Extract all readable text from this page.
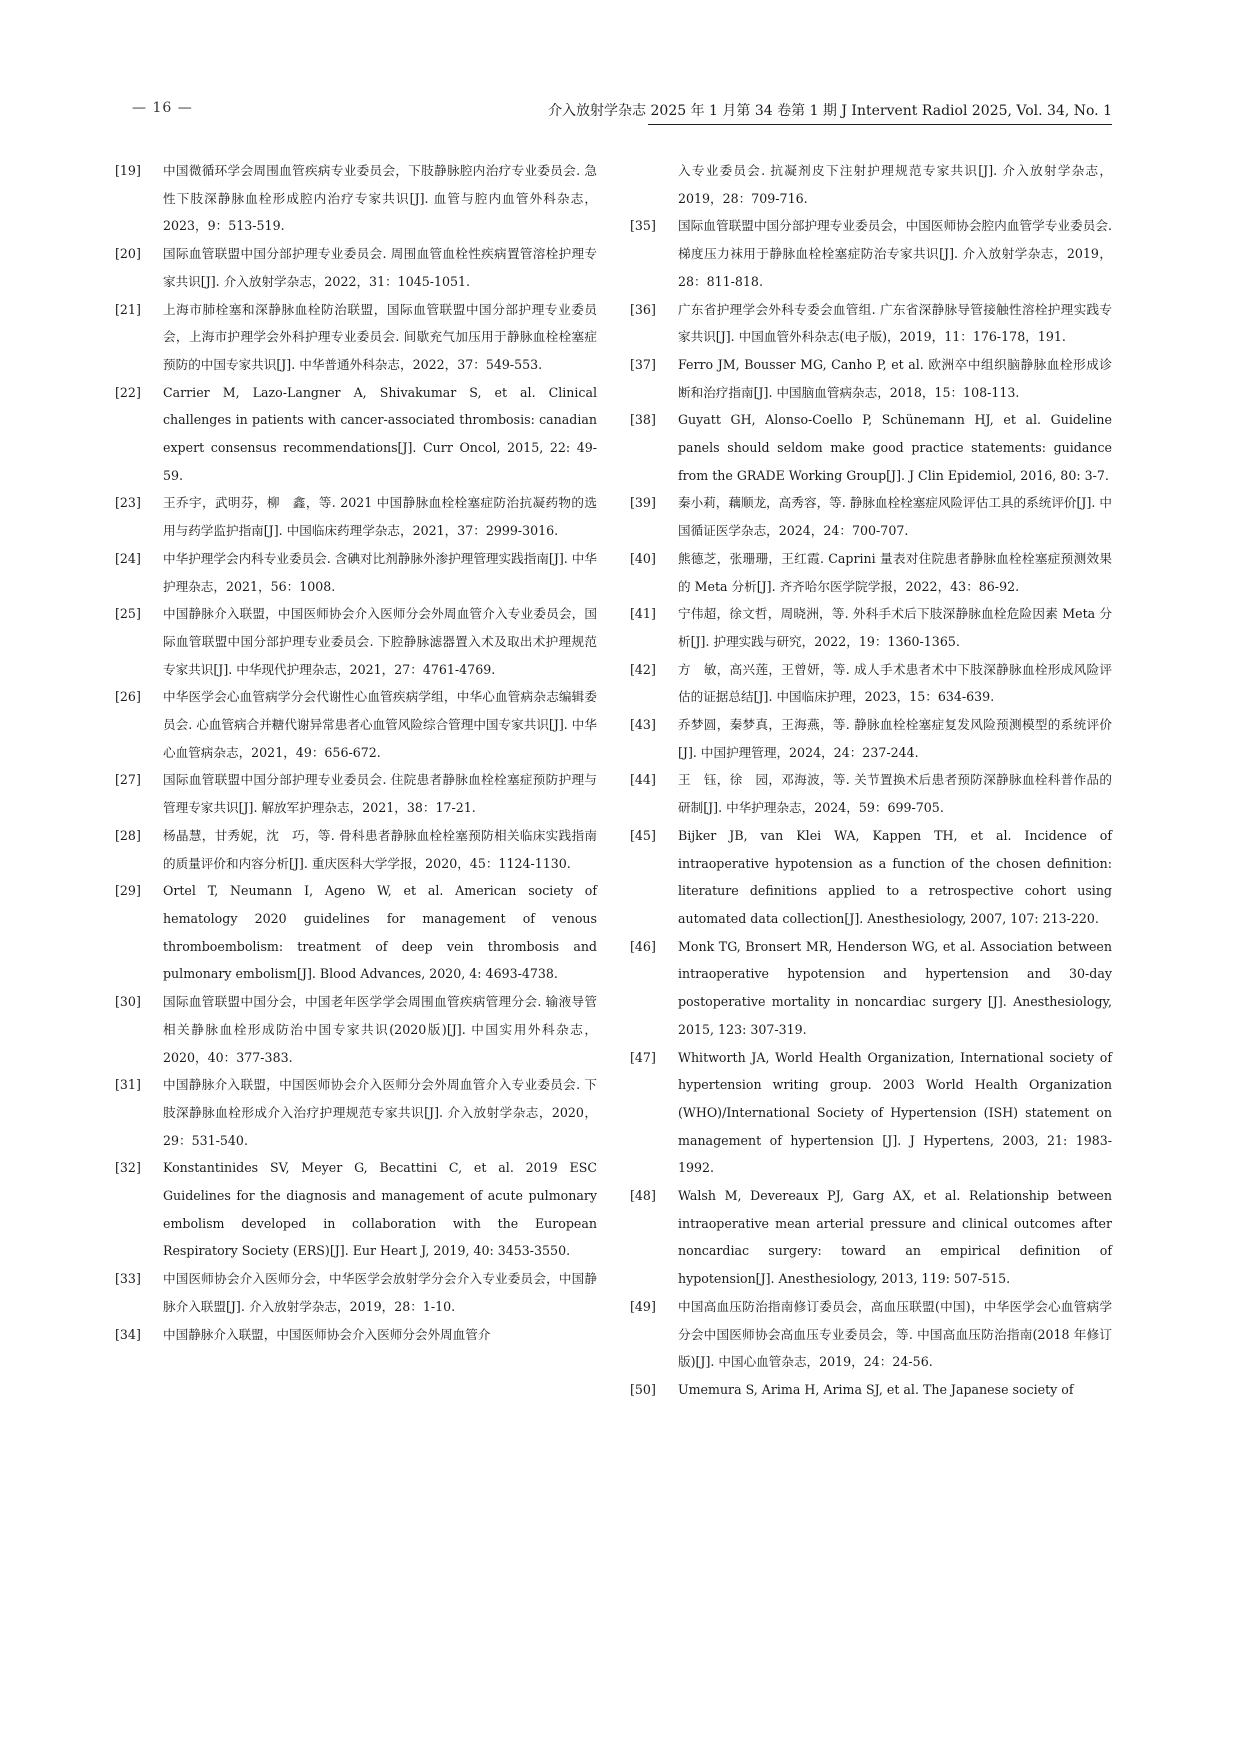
— 16 —	介入放射学杂志 2025 年 1 月第 34 卷第 1 期 J Intervent Radiol 2025, Vol. 34, No. 1

[19] 中国微循环学会周围血管疾病专业委员会，下肢静脉腔内治疗专业委员会. 急性下肢深静脉血栓形成腔内治疗专家共识[J]. 血管与腔内血管外科杂志，2023，9：513-519.

[20] 国际血管联盟中国分部护理专业委员会. 周围血管血栓性疾病置管溶栓护理专家共识[J]. 介入放射学杂志，2022，31：1045-1051.

[21] 上海市肺栓塞和深静脉血栓防治联盟，国际血管联盟中国分部护理专业委员会，上海市护理学会外科护理专业委员会. 间歇充气加压用于静脉血栓栓塞症预防的中国专家共识[J]. 中华普通外科杂志，2022，37：549-553.

[22] Carrier M, Lazo-Langner A, Shivakumar S, et al. Clinical challenges in patients with cancer-associated thrombosis: canadian expert consensus recommendations[J]. Curr Oncol, 2015, 22: 49-59.

[23] 王乔宇，武明芬，柳　鑫，等. 2021 中国静脉血栓栓塞症防治抗凝药物的选用与药学监护指南[J]. 中国临床药理学杂志，2021，37：2999-3016.

[24] 中华护理学会内科专业委员会. 含碘对比剂静脉外渗护理管理实践指南[J]. 中华护理杂志，2021，56：1008.

[25] 中国静脉介入联盟，中国医师协会介入医师分会外周血管介入专业委员会，国际血管联盟中国分部护理专业委员会. 下腔静脉滤器置入术及取出术护理规范专家共识[J]. 中华现代护理杂志，2021，27：4761-4769.

[26] 中华医学会心血管病学分会代谢性心血管疾病学组，中华心血管病杂志编辑委员会. 心血管病合并糖代谢异常患者心血管风险综合管理中国专家共识[J]. 中华心血管病杂志，2021，49：656-672.

[27] 国际血管联盟中国分部护理专业委员会. 住院患者静脉血栓栓塞症预防护理与管理专家共识[J]. 解放军护理杂志，2021，38：17-21.

[28] 杨晶慧，甘秀妮，沈　巧，等. 骨科患者静脉血栓栓塞预防相关临床实践指南的质量评价和内容分析[J]. 重庆医科大学学报，2020，45：1124-1130.

[29] Ortel T, Neumann I, Ageno W, et al. American society of hematology 2020 guidelines for management of venous thromboembolism: treatment of deep vein thrombosis and pulmonary embolism[J]. Blood Advances, 2020, 4: 4693-4738.

[30] 国际血管联盟中国分会，中国老年医学学会周围血管疾病管理分会. 输液导管相关静脉血栓形成防治中国专家共识(2020版)[J]. 中国实用外科杂志，2020，40：377-383.

[31] 中国静脉介入联盟，中国医师协会介入医师分会外周血管介入专业委员会. 下肢深静脉血栓形成介入治疗护理规范专家共识[J]. 介入放射学杂志，2020，29：531-540.

[32] Konstantinides SV, Meyer G, Becattini C, et al. 2019 ESC Guidelines for the diagnosis and management of acute pulmonary embolism developed in collaboration with the European Respiratory Society (ERS)[J]. Eur Heart J, 2019, 40: 3453-3550.

[33] 中国医师协会介入医师分会，中华医学会放射学分会介入专业委员会，中国静脉介入联盟[J]. 介入放射学杂志，2019，28：1-10.

[34] 中国静脉介入联盟，中国医师协会介入医师分会外周血管介

入专业委员会. 抗凝剂皮下注射护理规范专家共识[J]. 介入放射学杂志，2019，28：709-716.

[35] 国际血管联盟中国分部护理专业委员会，中国医师协会腔内血管学专业委员会. 梯度压力袜用于静脉血栓栓塞症防治专家共识[J]. 介入放射学杂志，2019，28：811-818.

[36] 广东省护理学会外科专委会血管组. 广东省深静脉导管接触性溶栓护理实践专家共识[J]. 中国血管外科杂志(电子版)，2019，11：176-178，191.

[37] Ferro JM, Bousser MG, Canho P, et al. 欧洲卒中组织脑静脉血栓形成诊断和治疗指南[J]. 中国脑血管病杂志，2018，15：108-113.

[38] Guyatt GH, Alonso-Coello P, Schünemann HJ, et al. Guideline panels should seldom make good practice statements: guidance from the GRADE Working Group[J]. J Clin Epidemiol, 2016, 80: 3-7.

[39] 秦小莉，藕顺龙，高秀容，等. 静脉血栓栓塞症风险评估工具的系统评价[J]. 中国循证医学杂志，2024，24：700-707.

[40] 熊德芝，张珊珊，王红霞. Caprini 量表对住院患者静脉血栓栓塞症预测效果的 Meta 分析[J]. 齐齐哈尔医学院学报，2022，43：86-92.

[41] 宁伟超，徐文哲，周晓洲，等. 外科手术后下肢深静脉血栓危险因素 Meta 分析[J]. 护理实践与研究，2022，19：1360-1365.

[42] 方　敏，高兴莲，王曾妍，等. 成人手术患者术中下肢深静脉血栓形成风险评估的证据总结[J]. 中国临床护理，2023，15：634-639.

[43] 乔梦圆，秦梦真，王海燕，等. 静脉血栓栓塞症复发风险预测模型的系统评价[J]. 中国护理管理，2024，24：237-244.

[44] 王　钰，徐　园，邓海波，等. 关节置换术后患者预防深静脉血栓科普作品的研制[J]. 中华护理杂志，2024，59：699-705.

[45] Bijker JB, van Klei WA, Kappen TH, et al. Incidence of intraoperative hypotension as a function of the chosen definition: literature definitions applied to a retrospective cohort using automated data collection[J]. Anesthesiology, 2007, 107: 213-220.

[46] Monk TG, Bronsert MR, Henderson WG, et al. Association between intraoperative hypotension and hypertension and 30-day postoperative mortality in noncardiac surgery [J]. Anesthesiology, 2015, 123: 307-319.

[47] Whitworth JA, World Health Organization, International society of hypertension writing group. 2003 World Health Organization (WHO)/International Society of Hypertension (ISH) statement on management of hypertension [J]. J Hypertens, 2003, 21: 1983-1992.

[48] Walsh M, Devereaux PJ, Garg AX, et al. Relationship between intraoperative mean arterial pressure and clinical outcomes after noncardiac surgery: toward an empirical definition of hypotension[J]. Anesthesiology, 2013, 119: 507-515.

[49] 中国高血压防治指南修订委员会，高血压联盟(中国)，中华医学会心血管病学分会中国医师协会高血压专业委员会，等. 中国高血压防治指南(2018 年修订版)[J]. 中国心血管杂志，2019，24：24-56.

[50] Umemura S, Arima H, Arima SJ, et al. The Japanese society of
